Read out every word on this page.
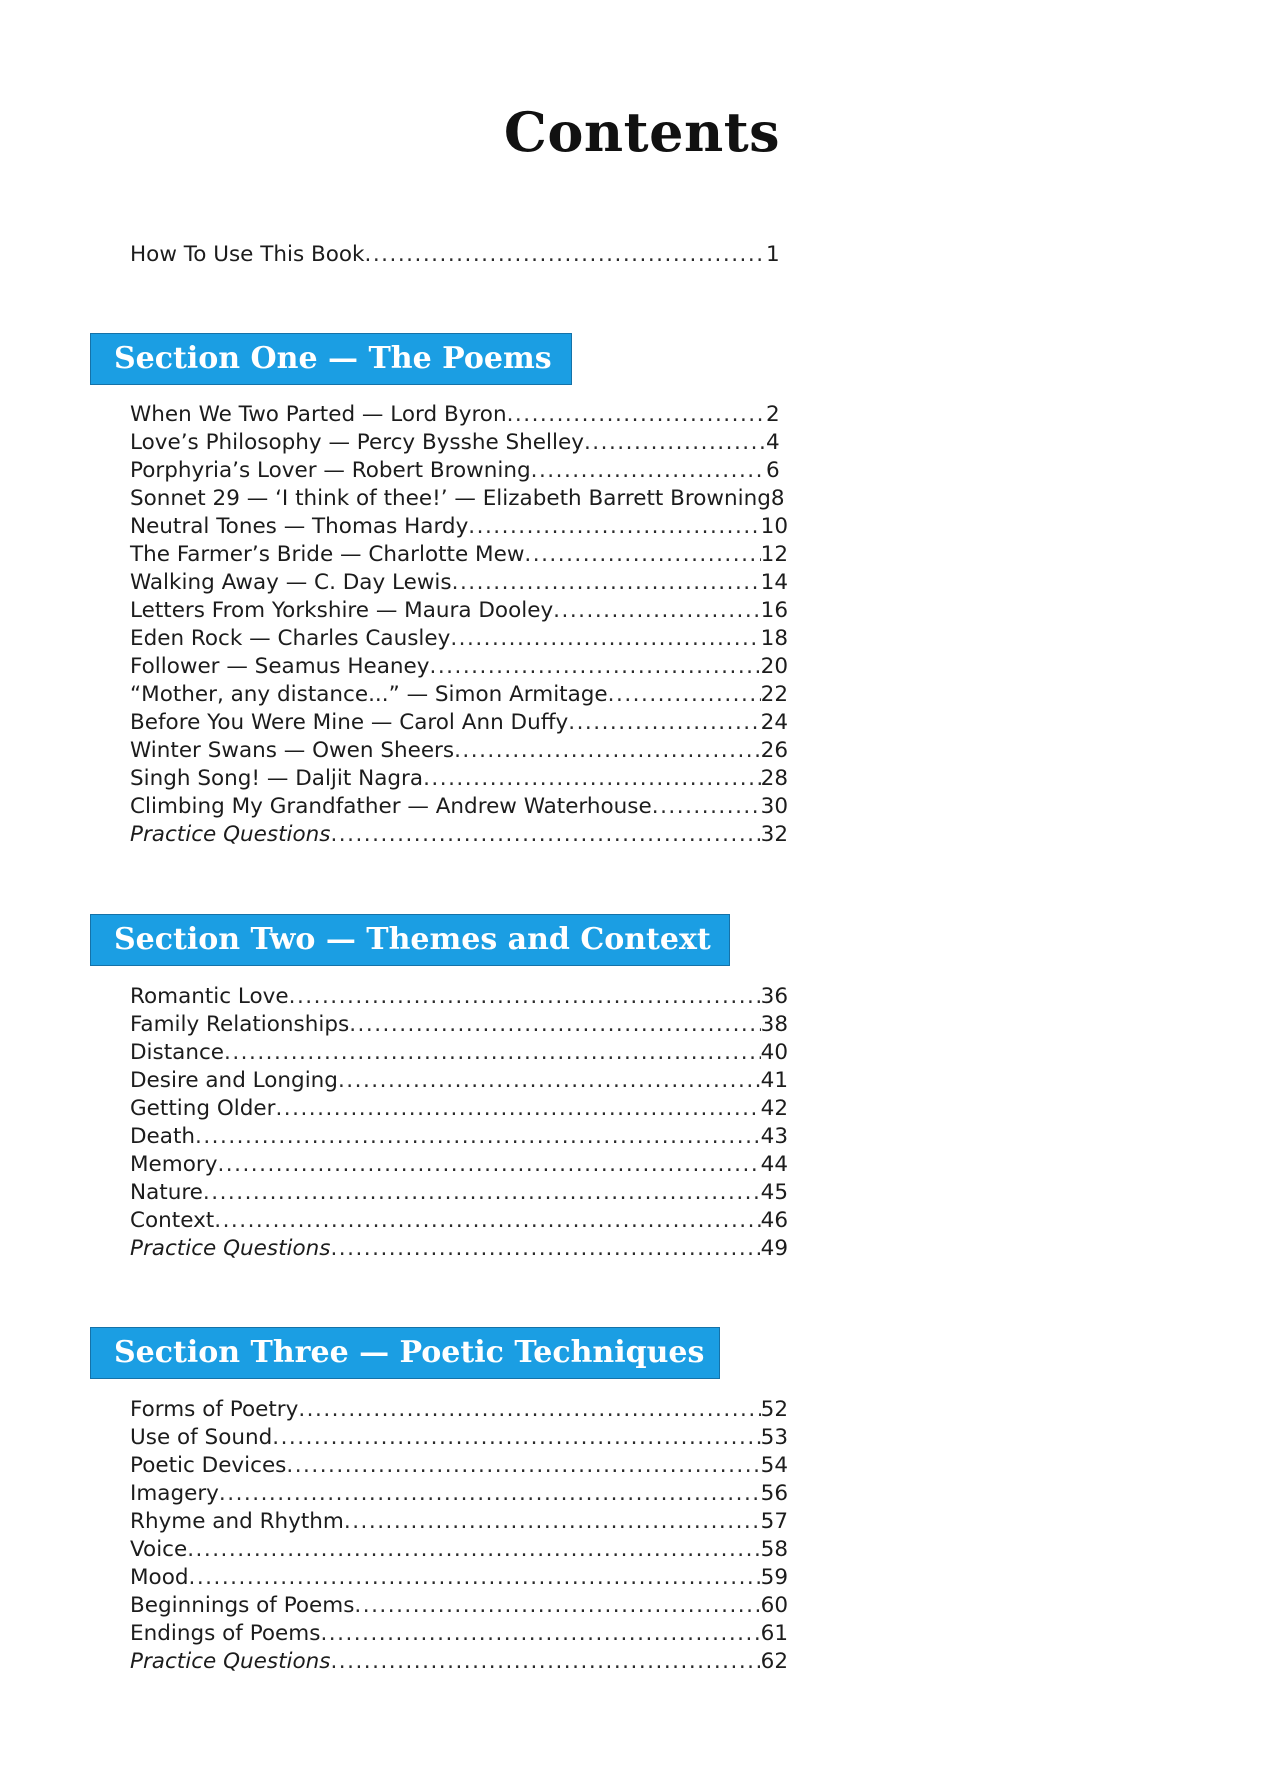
Contents
How To Use This Book .....	1
Section One — The Poems
When We Two Parted — Lord Byron .....	2
Love’s Philosophy — Percy Bysshe Shelley .....	4
Porphyria’s Lover — Robert Browning .....	6
Sonnet 29 — ‘I think of thee!’ — Elizabeth Barrett Browning 8
Neutral Tones — Thomas Hardy .....	10
The Farmer’s Bride — Charlotte Mew .....	12
Walking Away — C. Day Lewis .....	14
Letters From Yorkshire — Maura Dooley .....	16
Eden Rock — Charles Causley .....	18
Follower — Seamus Heaney .....	20
“Mother, any distance...” — Simon Armitage .....	22
Before You Were Mine — Carol Ann Duffy .....	24
Winter Swans — Owen Sheers .....	26
Singh Song! — Daljit Nagra .....	28
Climbing My Grandfather — Andrew Waterhouse .....	30
Practice Questions .....	32
Section Two — Themes and Context
Romantic Love .....	36
Family Relationships .....	38
Distance .....	40
Desire and Longing .....	41
Getting Older .....	42
Death .....	43
Memory .....	44
Nature .....	45
Context .....	46
Practice Questions .....	49
Section Three — Poetic Techniques
Forms of Poetry .....	52
Use of Sound .....	53
Poetic Devices .....	54
Imagery .....	56
Rhyme and Rhythm .....	57
Voice .....	58
Mood .....	59
Beginnings of Poems .....	60
Endings of Poems .....	61
Practice Questions .....	62
